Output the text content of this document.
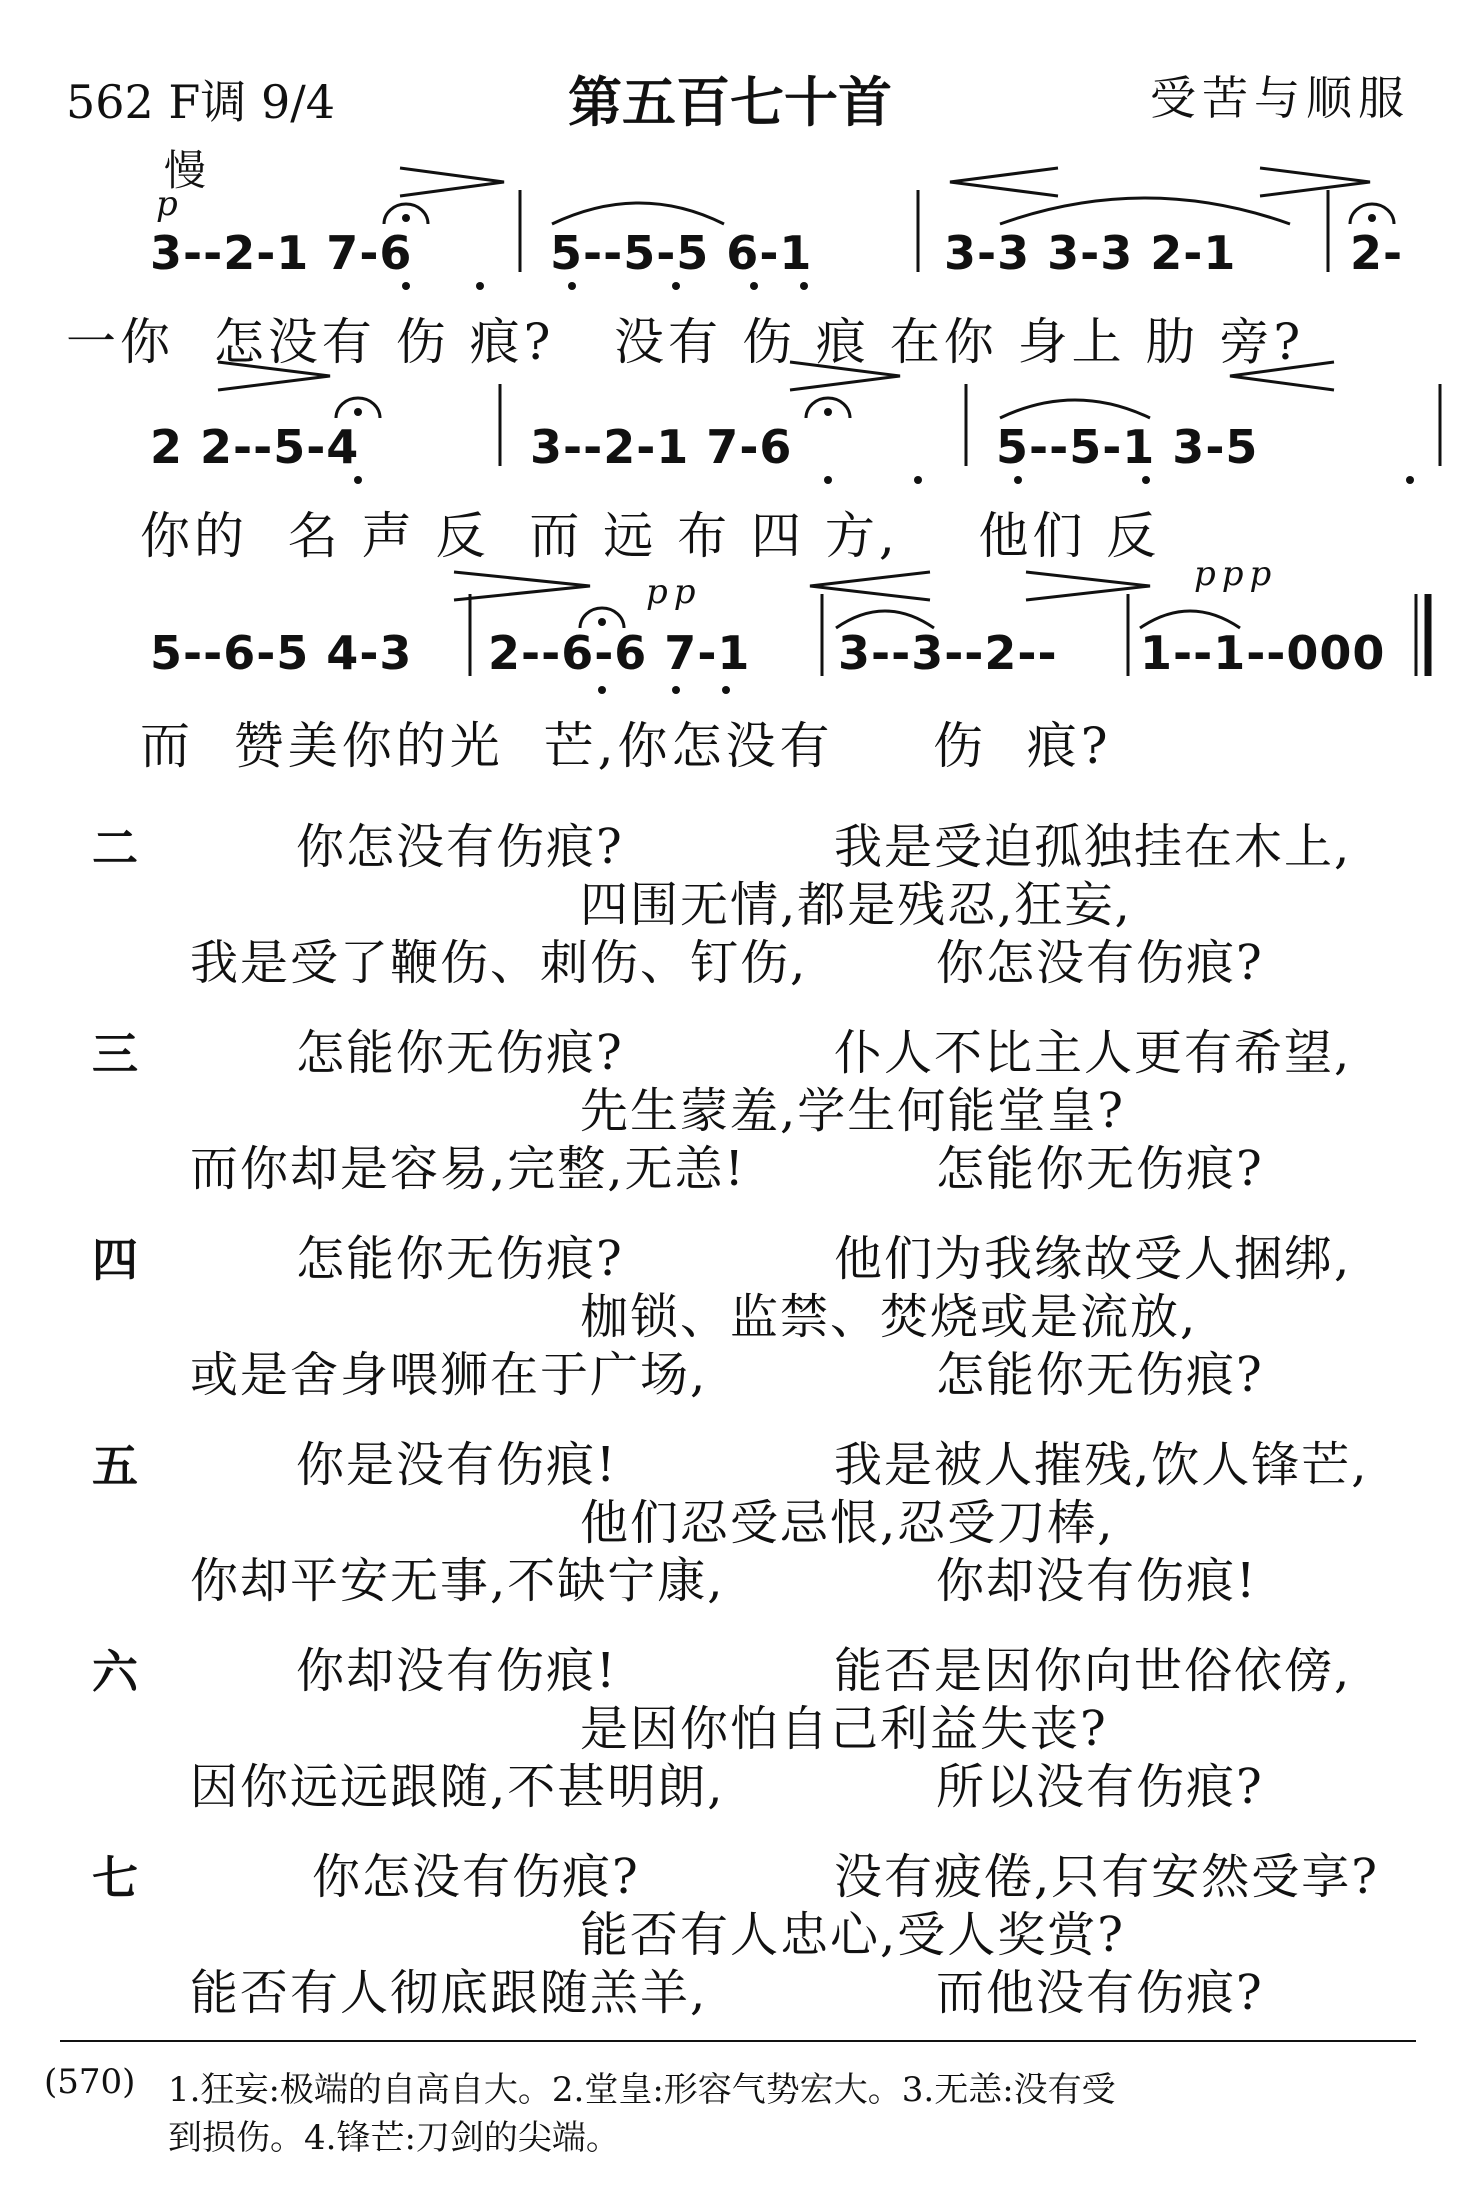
562 F调 9/4	第五百七十首	受苦与顺服
慢
p
pp	ppp
3--2-1 7-6	5--5-5 6-1	3-3 3-3 2-1 2-
一你  怎没有 伤 痕?   没有 伤 痕 在你 身上 肋 旁?
2 2--5-4	3--2-1 7-6	5--5-1 3-5
你的  名 声 反  而 远 布 四 方,    他们 反
5--6-5 4-3 2--6-6 7-1 3--3--2-- 1--1--000
而  赞美你的光  芒,你怎没有     伤  痕?
二	你怎没有伤痕?	我是受迫孤独挂在木上,
四围无情,都是残忍,狂妄,
我是受了鞭伤、刺伤、钉伤,	你怎没有伤痕?
三	怎能你无伤痕?	仆人不比主人更有希望,
先生蒙羞,学生何能堂皇?
而你却是容易,完整,无恙!	怎能你无伤痕?
四	怎能你无伤痕?	他们为我缘故受人捆绑,
枷锁、监禁、焚烧或是流放,
或是舍身喂狮在于广场,	怎能你无伤痕?
五	你是没有伤痕!	我是被人摧残,饮人锋芒,
他们忍受忌恨,忍受刀棒,
你却平安无事,不缺宁康,	你却没有伤痕!
六	你却没有伤痕!	能否是因你向世俗依傍,
是因你怕自己利益失丧?
因你远远跟随,不甚明朗,	所以没有伤痕?
七	你怎没有伤痕?	没有疲倦,只有安然受享?
能否有人忠心,受人奖赏?
能否有人彻底跟随羔羊,	而他没有伤痕?
(570) 1.狂妄:极端的自高自大。2.堂皇:形容气势宏大。3.无恙:没有受
到损伤。4.锋芒:刀剑的尖端。
